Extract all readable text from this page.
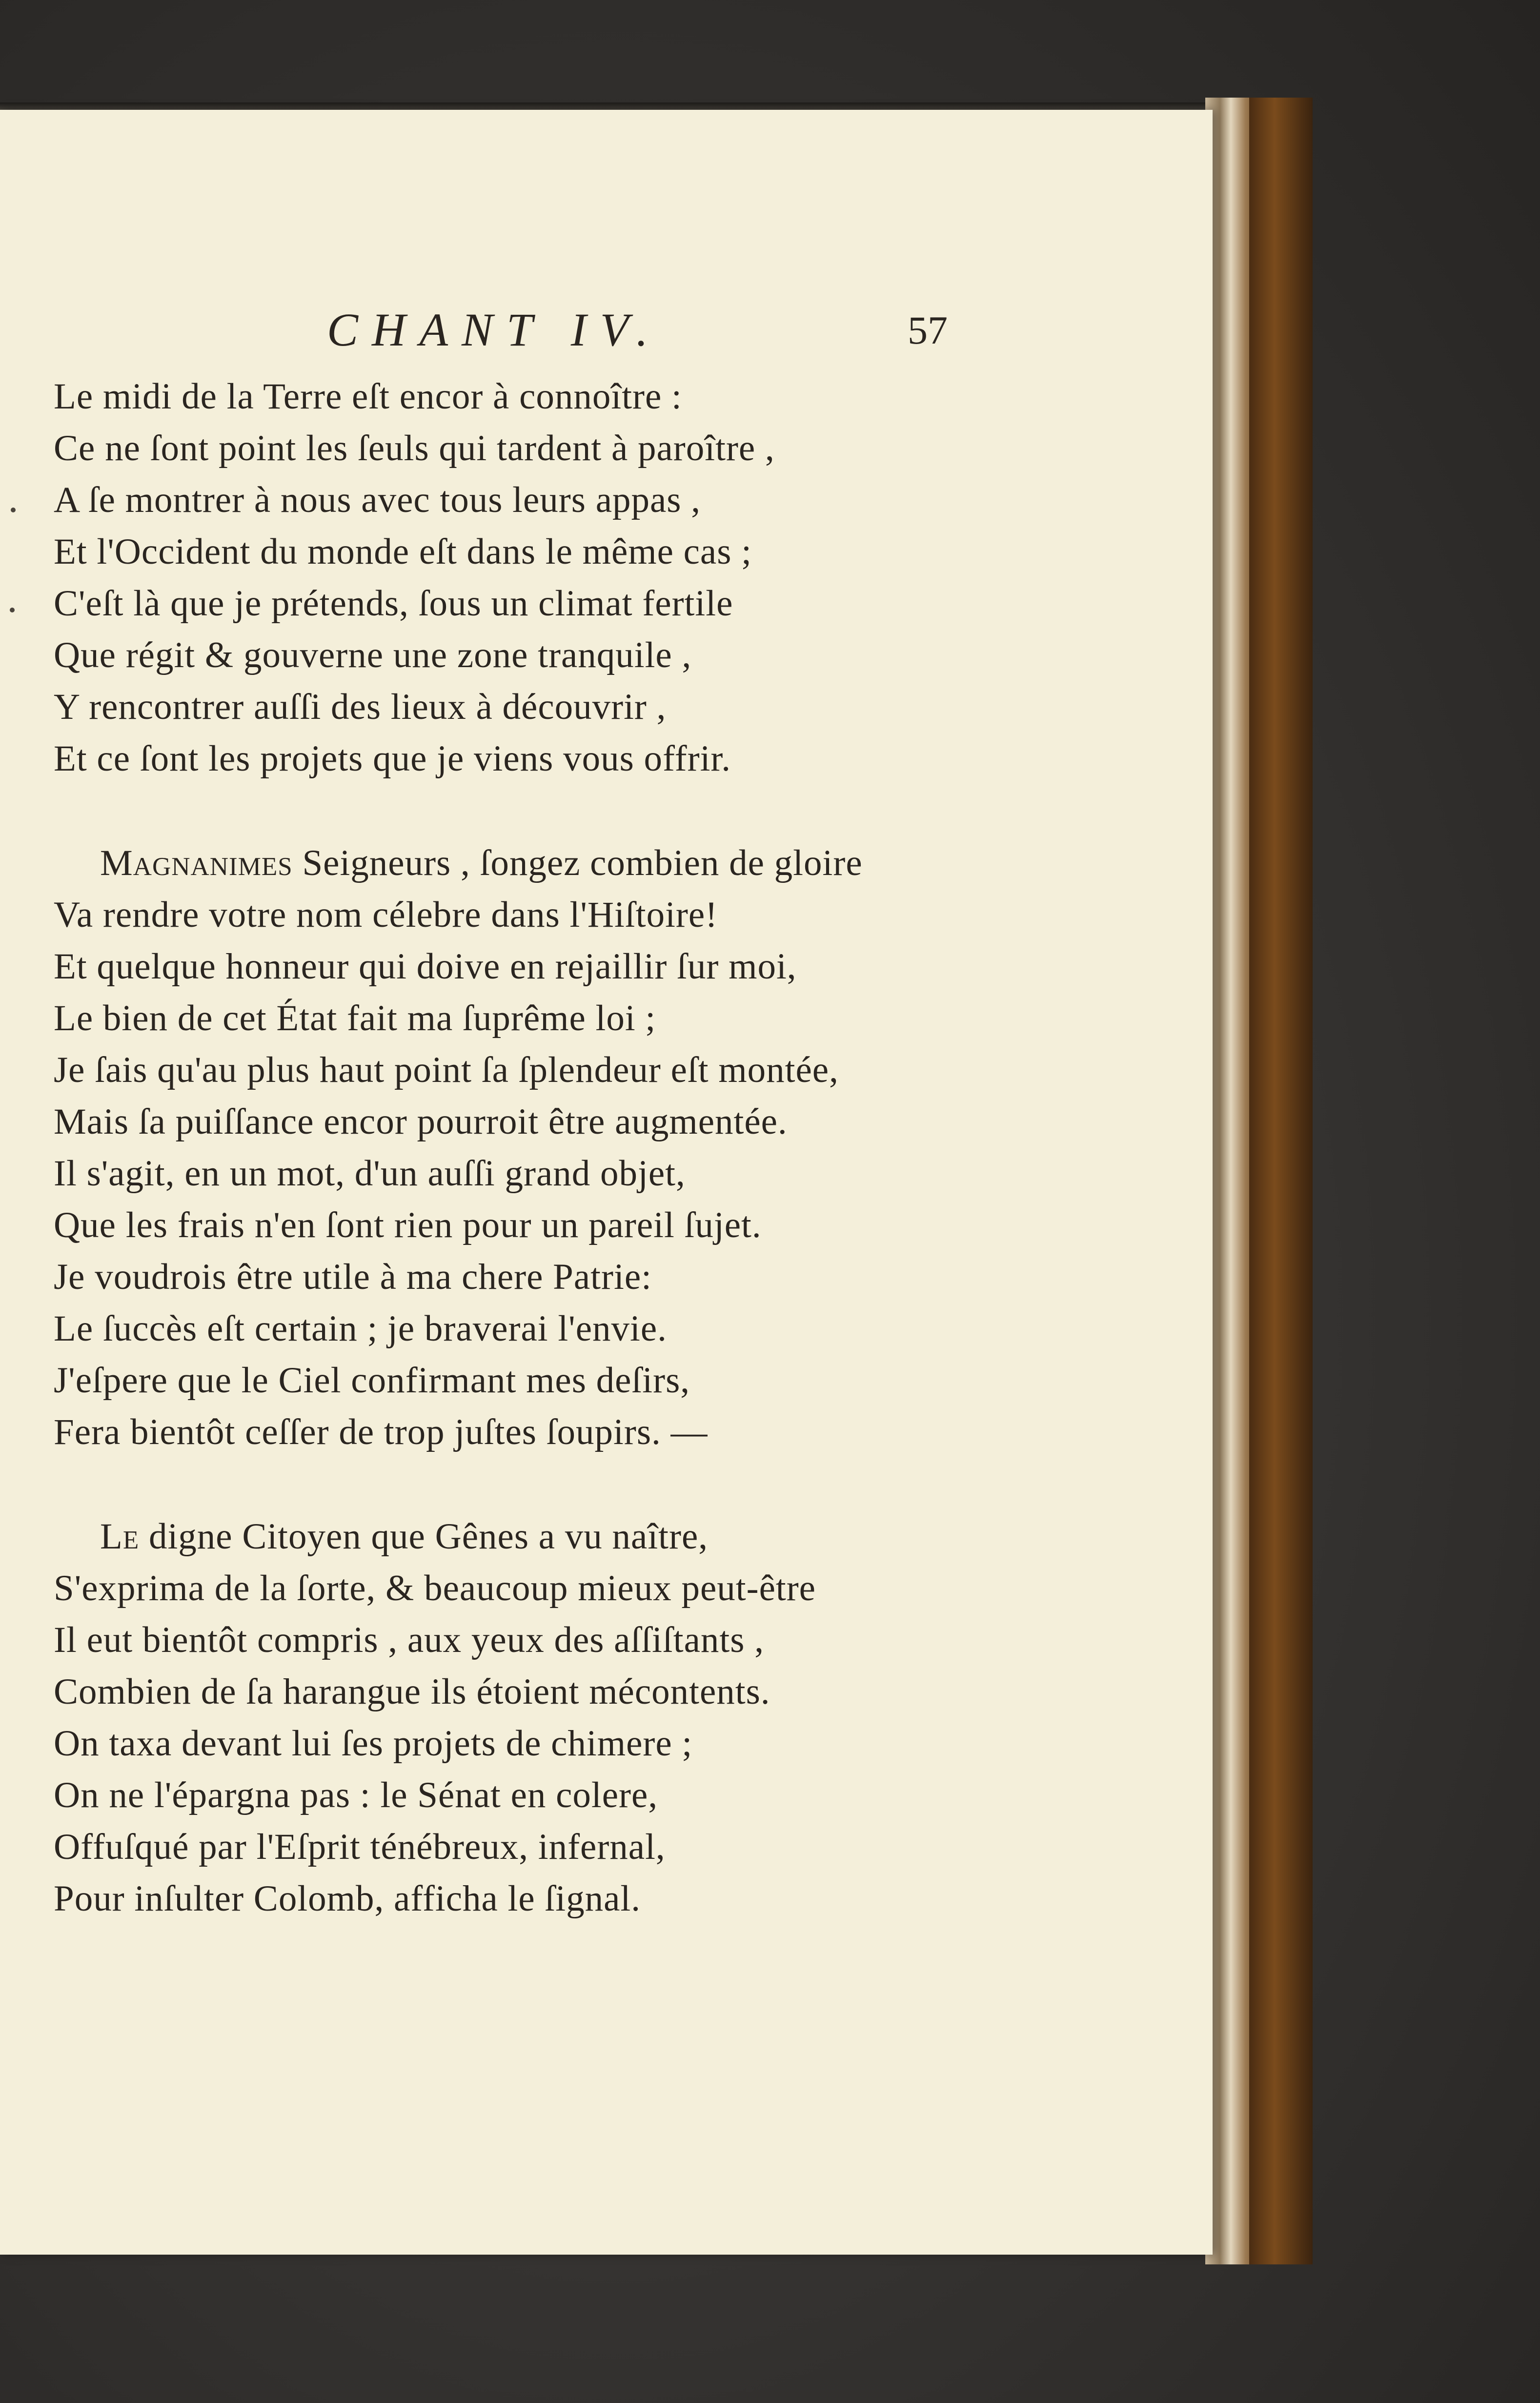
CHANT IV.	57
Le midi de la Terre eſt encor à connoître :
Ce ne ſont point les ſeuls qui tardent à paroître ,
A ſe montrer à nous avec tous leurs appas ,
Et l'Occident du monde eſt dans le même cas ;
C'eſt là que je prétends, ſous un climat fertile
Que régit & gouverne une zone tranquile ,
Y rencontrer auſſi des lieux à découvrir ,
Et ce ſont les projets que je viens vous offrir.
Magnanimes Seigneurs , ſongez combien de gloire
Va rendre votre nom célebre dans l'Hiſtoire!
Et quelque honneur qui doive en rejaillir ſur moi,
Le bien de cet État fait ma ſuprême loi ;
Je ſais qu'au plus haut point ſa ſplendeur eſt montée,
Mais ſa puiſſance encor pourroit être augmentée.
Il s'agit, en un mot, d'un auſſi grand objet,
Que les frais n'en ſont rien pour un pareil ſujet.
Je voudrois être utile à ma chere Patrie:
Le ſuccès eſt certain ; je braverai l'envie.
J'eſpere que le Ciel confirmant mes deſirs,
Fera bientôt ceſſer de trop juſtes ſoupirs. —
Le digne Citoyen que Gênes a vu naître,
S'exprima de la ſorte, & beaucoup mieux peut-être
Il eut bientôt compris , aux yeux des aſſiſtants ,
Combien de ſa harangue ils étoient mécontents.
On taxa devant lui ſes projets de chimere ;
On ne l'épargna pas : le Sénat en colere,
Offuſqué par l'Eſprit ténébreux, infernal,
Pour inſulter Colomb, afficha le ſignal.
